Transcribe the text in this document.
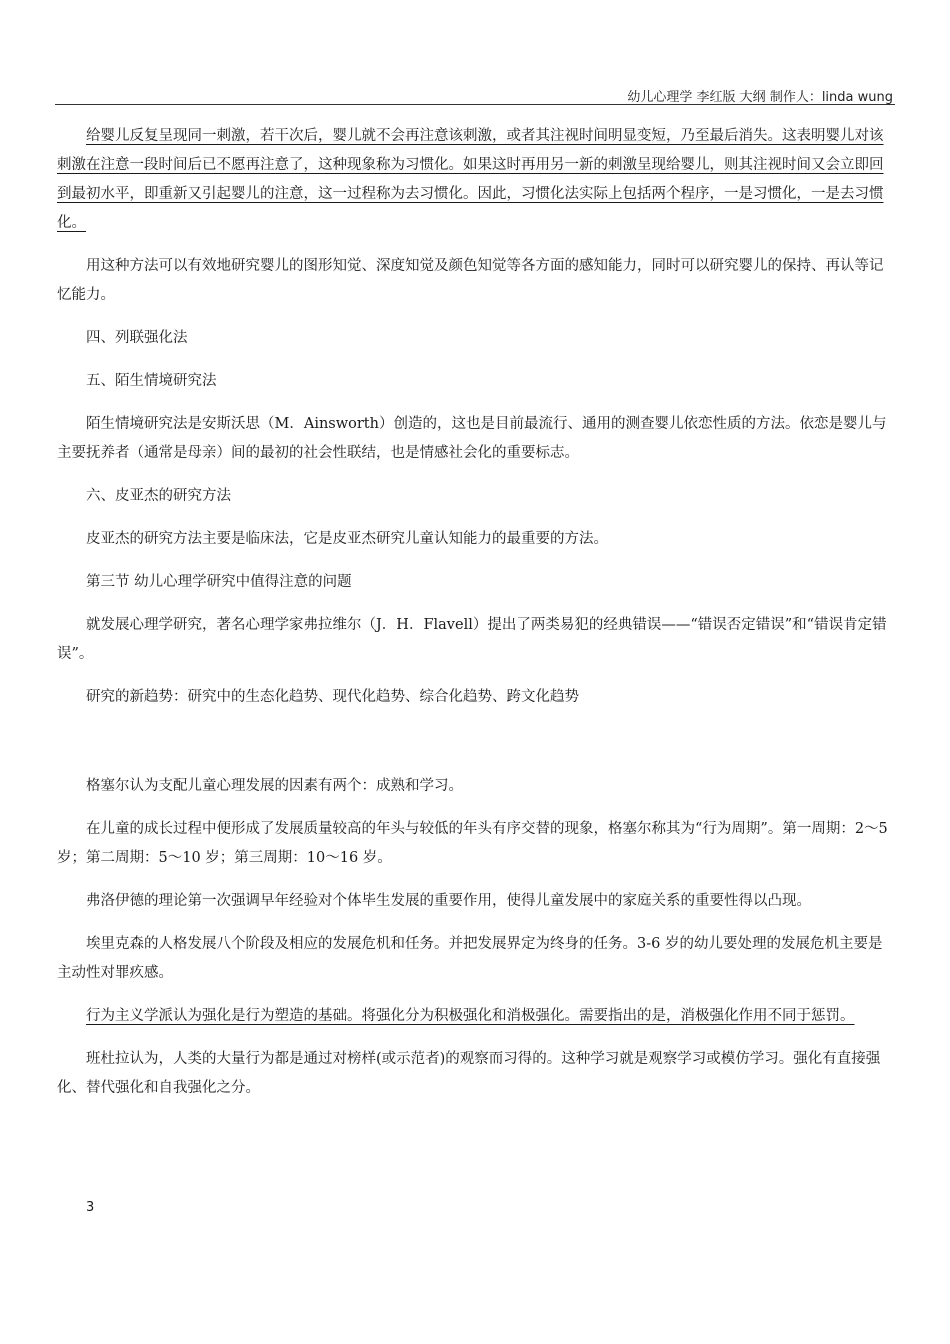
幼儿心理学 李红版 大纲 制作人：linda wung

给婴儿反复呈现同一刺激，若干次后，婴儿就不会再注意该刺激，或者其注视时间明显变短，乃至最后消失。这表明婴儿对该刺激在注意一段时间后已不愿再注意了，这种现象称为习惯化。如果这时再用另一新的刺激呈现给婴儿，则其注视时间又会立即回到最初水平，即重新又引起婴儿的注意，这一过程称为去习惯化。因此，习惯化法实际上包括两个程序，一是习惯化，一是去习惯化。

用这种方法可以有效地研究婴儿的图形知觉、深度知觉及颜色知觉等各方面的感知能力，同时可以研究婴儿的保持、再认等记忆能力。

四、列联强化法

五、陌生情境研究法

陌生情境研究法是安斯沃思（M．Ainsworth）创造的，这也是目前最流行、通用的测查婴儿依恋性质的方法。依恋是婴儿与主要抚养者（通常是母亲）间的最初的社会性联结，也是情感社会化的重要标志。

六、皮亚杰的研究方法

皮亚杰的研究方法主要是临床法，它是皮亚杰研究儿童认知能力的最重要的方法。

第三节 幼儿心理学研究中值得注意的问题

就发展心理学研究，著名心理学家弗拉维尔（J．H．Flavell）提出了两类易犯的经典错误——“错误否定错误”和“错误肯定错误”。

研究的新趋势：研究中的生态化趋势、现代化趋势、综合化趋势、跨文化趋势

格塞尔认为支配儿童心理发展的因素有两个：成熟和学习。

在儿童的成长过程中便形成了发展质量较高的年头与较低的年头有序交替的现象，格塞尔称其为“行为周期”。第一周期：2～5 岁；第二周期：5～10 岁；第三周期：10～16 岁。

弗洛伊德的理论第一次强调早年经验对个体毕生发展的重要作用，使得儿童发展中的家庭关系的重要性得以凸现。

埃里克森的人格发展八个阶段及相应的发展危机和任务。并把发展界定为终身的任务。3-6 岁的幼儿要处理的发展危机主要是主动性对罪疚感。

行为主义学派认为强化是行为塑造的基础。将强化分为积极强化和消极强化。需要指出的是，消极强化作用不同于惩罚。

班杜拉认为，人类的大量行为都是通过对榜样(或示范者)的观察而习得的。这种学习就是观察学习或模仿学习。强化有直接强化、替代强化和自我强化之分。

3
